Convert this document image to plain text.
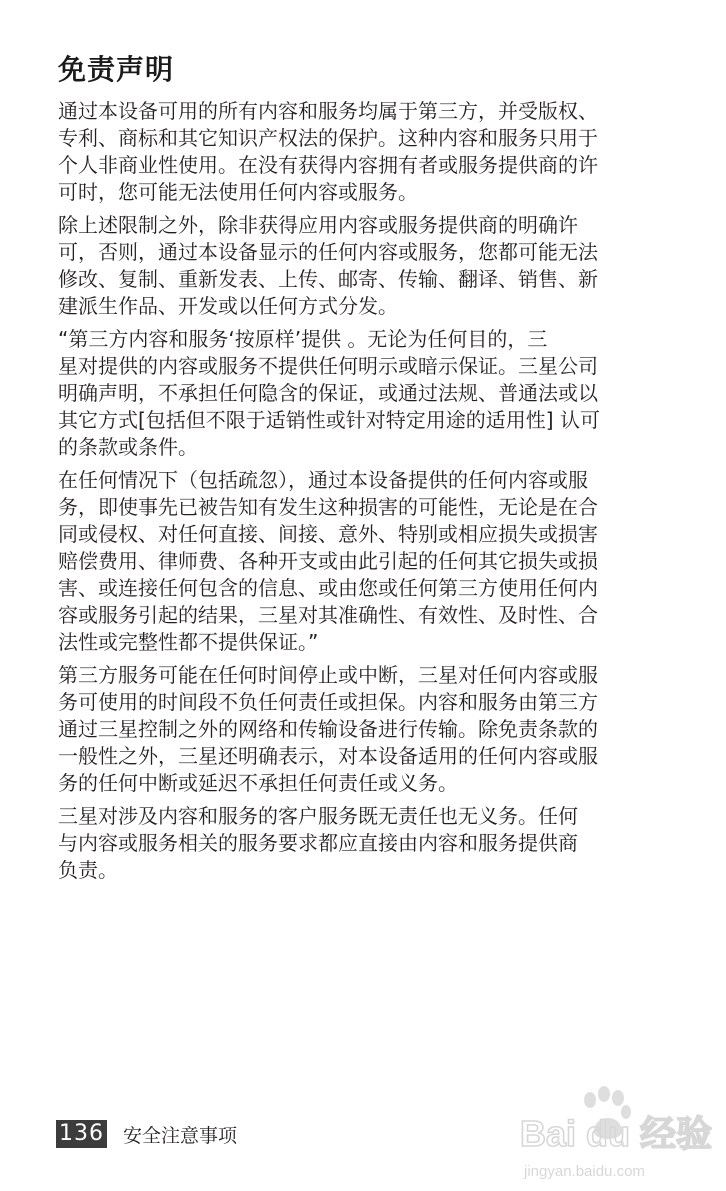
免责声明

通过本设备可用的所有内容和服务均属于第三方，并受版权、
专利、商标和其它知识产权法的保护。这种内容和服务只用于
个人非商业性使用。在没有获得内容拥有者或服务提供商的许
可时，您可能无法使用任何内容或服务。

除上述限制之外，除非获得应用内容或服务提供商的明确许
可，否则，通过本设备显示的任何内容或服务，您都可能无法
修改、复制、重新发表、上传、邮寄、传输、翻译、销售、新
建派生作品、开发或以任何方式分发。

“第三方内容和服务‘按原样’提供 。无论为任何目的，三
星对提供的内容或服务不提供任何明示或暗示保证。三星公司
明确声明，不承担任何隐含的保证，或通过法规、普通法或以
其它方式[包括但不限于适销性或针对特定用途的适用性] 认可
的条款或条件。

在任何情况下（包括疏忽），通过本设备提供的任何内容或服
务，即使事先已被告知有发生这种损害的可能性，无论是在合
同或侵权、对任何直接、间接、意外、特别或相应损失或损害
赔偿费用、律师费、各种开支或由此引起的任何其它损失或损
害、或连接任何包含的信息、或由您或任何第三方使用任何内
容或服务引起的结果，三星对其准确性、有效性、及时性、合
法性或完整性都不提供保证。”

第三方服务可能在任何时间停止或中断，三星对任何内容或服
务可使用的时间段不负任何责任或担保。内容和服务由第三方
通过三星控制之外的网络和传输设备进行传输。除免责条款的
一般性之外，三星还明确表示，对本设备适用的任何内容或服
务的任何中断或延迟不承担任何责任或义务。

三星对涉及内容和服务的客户服务既无责任也无义务。任何
与内容或服务相关的服务要求都应直接由内容和服务提供商
负责。

136 安全注意事项	Bai du 经验
jingyan.baidu.com
